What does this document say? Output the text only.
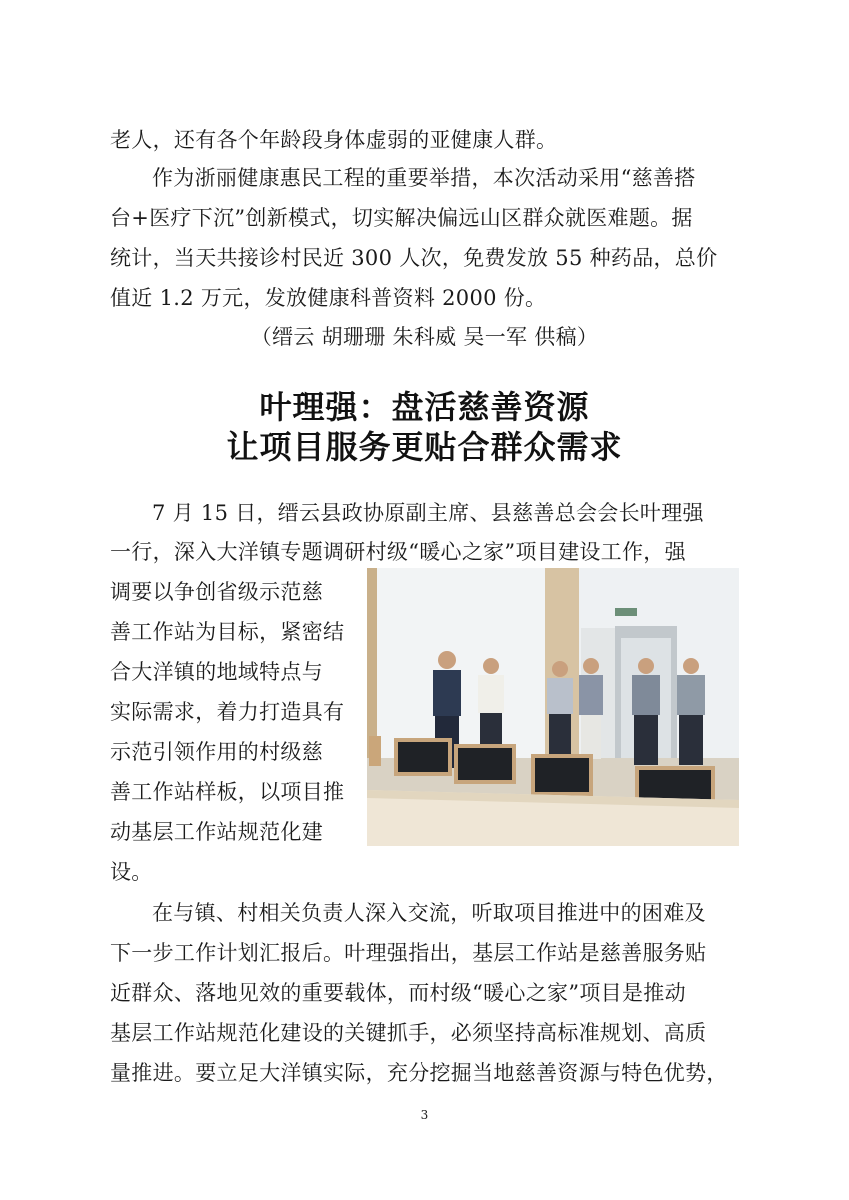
老人，还有各个年龄段身体虚弱的亚健康人群。
作为浙丽健康惠民工程的重要举措，本次活动采用“慈善搭
台+医疗下沉”创新模式，切实解决偏远山区群众就医难题。据
统计，当天共接诊村民近 300 人次，免费发放 55 种药品，总价
值近 1.2 万元，发放健康科普资料 2000 份。
（缙云 胡珊珊 朱科威 吴一军 供稿）
叶理强：盘活慈善资源
让项目服务更贴合群众需求
7 月 15 日，缙云县政协原副主席、县慈善总会会长叶理强
一行，深入大洋镇专题调研村级“暖心之家”项目建设工作，强
调要以争创省级示范慈
善工作站为目标，紧密结
合大洋镇的地域特点与
实际需求，着力打造具有
示范引领作用的村级慈
善工作站样板，以项目推
动基层工作站规范化建
设。
在与镇、村相关负责人深入交流，听取项目推进中的困难及
下一步工作计划汇报后。叶理强指出，基层工作站是慈善服务贴
近群众、落地见效的重要载体，而村级“暖心之家”项目是推动
基层工作站规范化建设的关键抓手，必须坚持高标准规划、高质
量推进。要立足大洋镇实际，充分挖掘当地慈善资源与特色优势，
3
